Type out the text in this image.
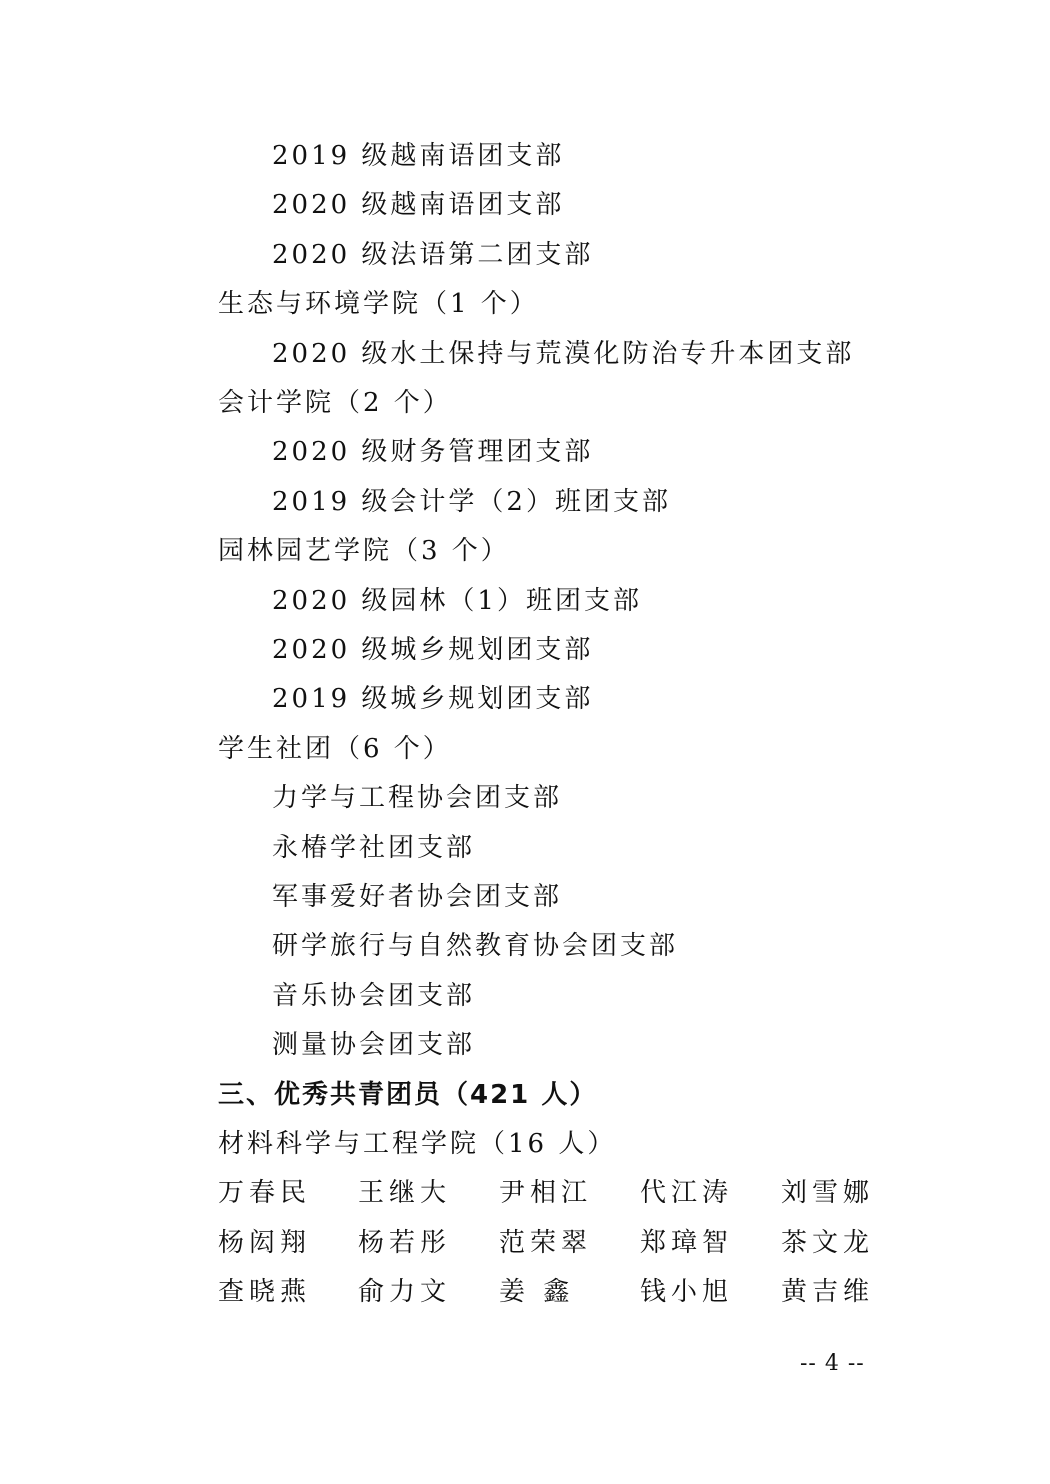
2019 级越南语团支部
2020 级越南语团支部
2020 级法语第二团支部
生态与环境学院（1 个）
2020 级水土保持与荒漠化防治专升本团支部
会计学院（2 个）
2020 级财务管理团支部
2019 级会计学（2）班团支部
园林园艺学院（3 个）
2020 级园林（1）班团支部
2020 级城乡规划团支部
2019 级城乡规划团支部
学生社团（6 个）
力学与工程协会团支部
永椿学社团支部
军事爱好者协会团支部
研学旅行与自然教育协会团支部
音乐协会团支部
测量协会团支部
三、优秀共青团员（421 人）
材料科学与工程学院（16 人）
万春民 王继大 尹相江 代江涛 刘雪娜
杨闳翔 杨若彤 范荣翠 郑璋智 茶文龙
查晓燕 俞力文 姜 鑫	钱小旭 黄吉维
-- 4 --
